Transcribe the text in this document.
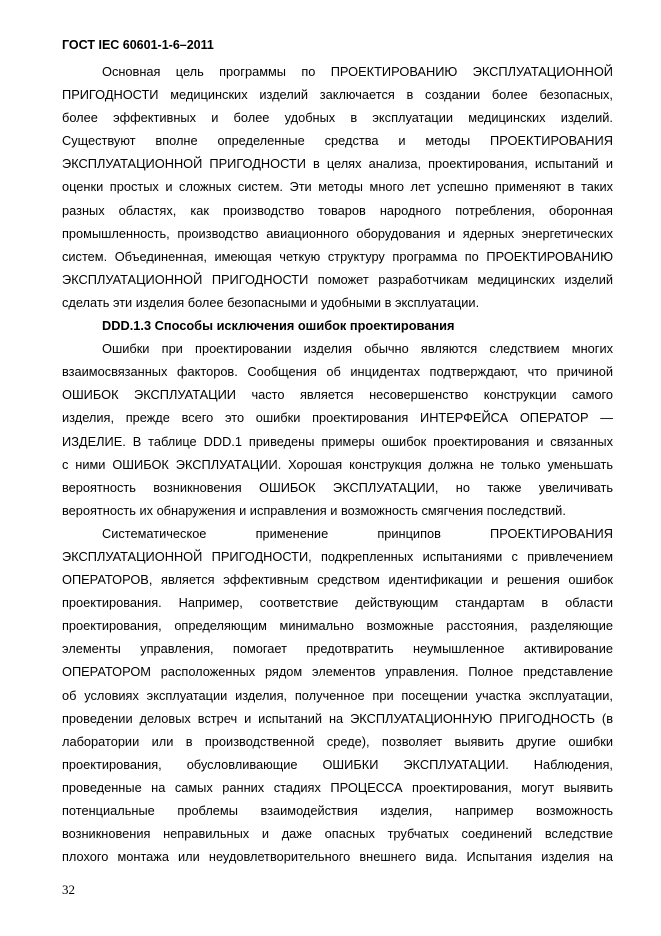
ГОСТ IEC 60601-1-6–2011
Основная цель программы по ПРОЕКТИРОВАНИЮ ЭКСПЛУАТАЦИОННОЙ
ПРИГОДНОСТИ медицинских изделий заключается в создании более безопасных,
более эффективных и более удобных в эксплуатации медицинских изделий.
Существуют вполне определенные средства и методы ПРОЕКТИРОВАНИЯ
ЭКСПЛУАТАЦИОННОЙ ПРИГОДНОСТИ в целях анализа, проектирования, испытаний и
оценки простых и сложных систем. Эти методы много лет успешно применяют в таких
разных областях, как производство товаров народного потребления, оборонная
промышленность, производство авиационного оборудования и ядерных энергетических
систем. Объединенная, имеющая четкую структуру программа по ПРОЕКТИРОВАНИЮ
ЭКСПЛУАТАЦИОННОЙ ПРИГОДНОСТИ поможет разработчикам медицинских изделий
сделать эти изделия более безопасными и удобными в эксплуатации.
DDD.1.3 Способы исключения ошибок проектирования
Ошибки при проектировании изделия обычно являются следствием многих
взаимосвязанных факторов. Сообщения об инцидентах подтверждают, что причиной
ОШИБОК ЭКСПЛУАТАЦИИ часто является несовершенство конструкции самого
изделия, прежде всего это ошибки проектирования ИНТЕРФЕЙСА ОПЕРАТОР —
ИЗДЕЛИЕ. В таблице DDD.1 приведены примеры ошибок проектирования и связанных
с ними ОШИБОК ЭКСПЛУАТАЦИИ. Хорошая конструкция должна не только уменьшать
вероятность возникновения ОШИБОК ЭКСПЛУАТАЦИИ, но также увеличивать
вероятность их обнаружения и исправления и возможность смягчения последствий.
Систематическое применение принципов ПРОЕКТИРОВАНИЯ
ЭКСПЛУАТАЦИОННОЙ ПРИГОДНОСТИ, подкрепленных испытаниями с привлечением
ОПЕРАТОРОВ, является эффективным средством идентификации и решения ошибок
проектирования. Например, соответствие действующим стандартам в области
проектирования, определяющим минимально возможные расстояния, разделяющие
элементы управления, помогает предотвратить неумышленное активирование
ОПЕРАТОРОМ расположенных рядом элементов управления. Полное представление
об условиях эксплуатации изделия, полученное при посещении участка эксплуатации,
проведении деловых встреч и испытаний на ЭКСПЛУАТАЦИОННУЮ ПРИГОДНОСТЬ (в
лаборатории или в производственной среде), позволяет выявить другие ошибки
проектирования, обусловливающие ОШИБКИ ЭКСПЛУАТАЦИИ. Наблюдения,
проведенные на самых ранних стадиях ПРОЦЕССА проектирования, могут выявить
потенциальные проблемы взаимодействия изделия, например возможность
возникновения неправильных и даже опасных трубчатых соединений вследствие
плохого монтажа или неудовлетворительного внешнего вида. Испытания изделия на
32
